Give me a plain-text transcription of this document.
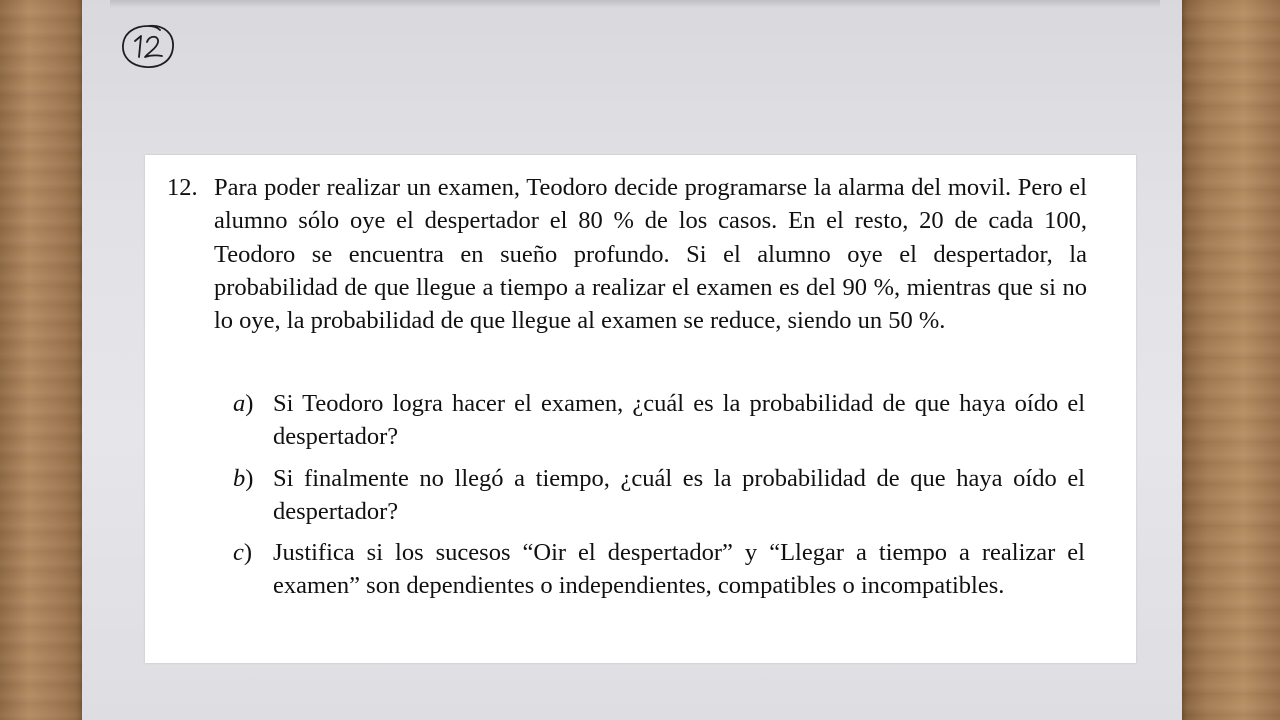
12. Para poder realizar un examen, Teodoro decide programarse la alarma del movil. Pero el alumno sólo oye el despertador el 80 % de los casos. En el resto, 20 de cada 100, Teodoro se encuentra en sueño profundo. Si el alumno oye el despertador, la probabilidad de que llegue a tiempo a realizar el examen es del 90 %, mientras que si no lo oye, la probabilidad de que llegue al examen se reduce, siendo un 50 %.
a) Si Teodoro logra hacer el examen, ¿cuál es la probabilidad de que haya oído el despertador?
b) Si finalmente no llegó a tiempo, ¿cuál es la probabilidad de que haya oído el despertador?
c) Justifica si los sucesos “Oir el despertador” y “Llegar a tiempo a realizar el examen” son dependientes o independientes, compatibles o incompatibles.
